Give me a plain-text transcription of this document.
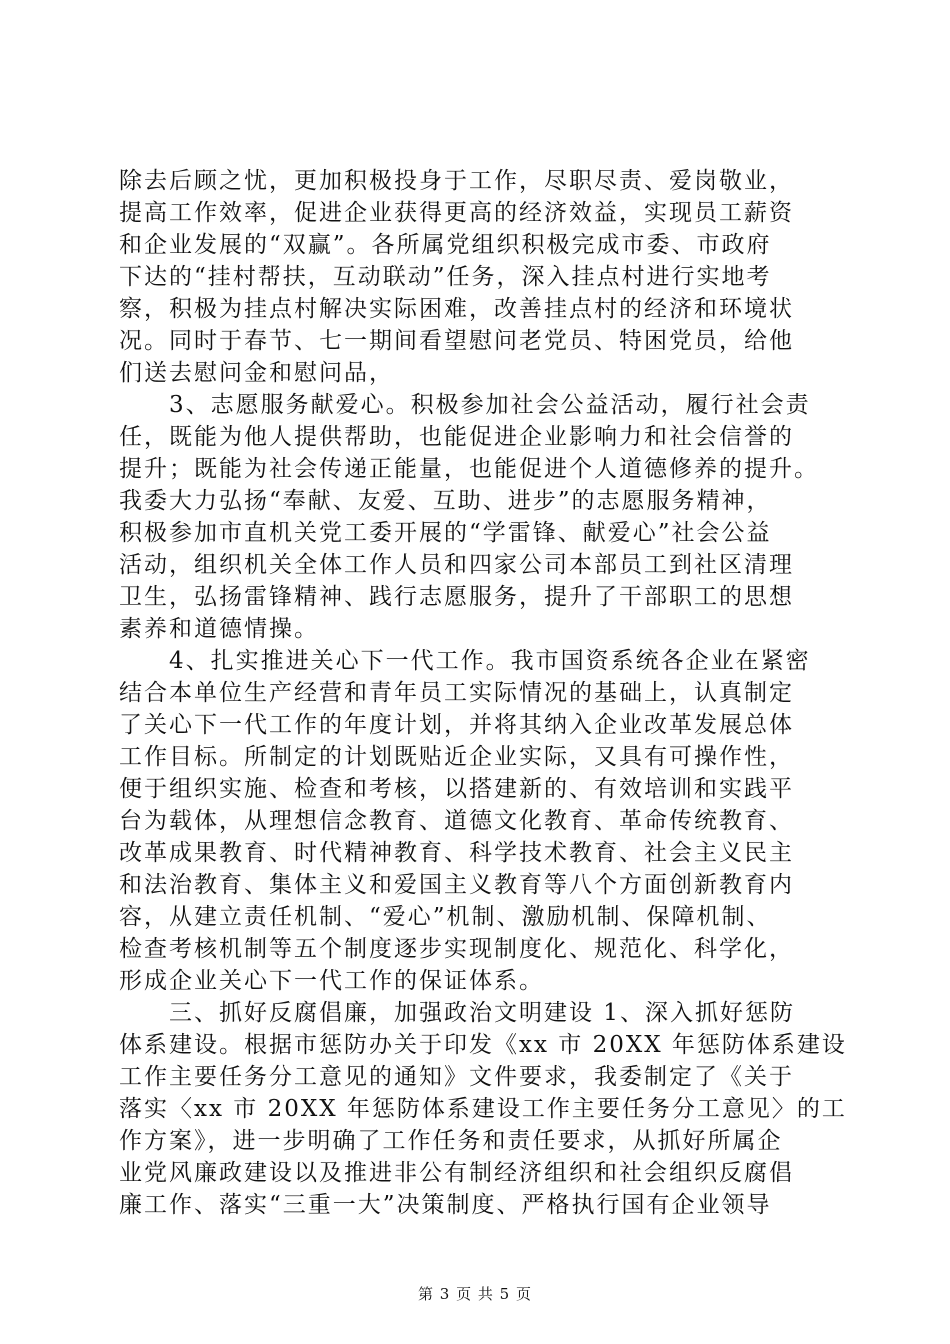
除去后顾之忧，更加积极投身于工作，尽职尽责、爱岗敬业，
提高工作效率，促进企业获得更高的经济效益，实现员工薪资
和企业发展的“双赢”。各所属党组织积极完成市委、市政府
下达的“挂村帮扶，互动联动”任务，深入挂点村进行实地考
察，积极为挂点村解决实际困难，改善挂点村的经济和环境状
况。同时于春节、七一期间看望慰问老党员、特困党员，给他
们送去慰问金和慰问品，
　　3、志愿服务献爱心。积极参加社会公益活动，履行社会责
任，既能为他人提供帮助，也能促进企业影响力和社会信誉的
提升；既能为社会传递正能量，也能促进个人道德修养的提升。
我委大力弘扬“奉献、友爱、互助、进步”的志愿服务精神，
积极参加市直机关党工委开展的“学雷锋、献爱心”社会公益
活动，组织机关全体工作人员和四家公司本部员工到社区清理
卫生，弘扬雷锋精神、践行志愿服务，提升了干部职工的思想
素养和道德情操。
　　4、扎实推进关心下一代工作。我市国资系统各企业在紧密
结合本单位生产经营和青年员工实际情况的基础上，认真制定
了关心下一代工作的年度计划，并将其纳入企业改革发展总体
工作目标。所制定的计划既贴近企业实际，又具有可操作性，
便于组织实施、检查和考核，以搭建新的、有效培训和实践平
台为载体，从理想信念教育、道德文化教育、革命传统教育、
改革成果教育、时代精神教育、科学技术教育、社会主义民主
和法治教育、集体主义和爱国主义教育等八个方面创新教育内
容，从建立责任机制、“爱心”机制、激励机制、保障机制、
检查考核机制等五个制度逐步实现制度化、规范化、科学化，
形成企业关心下一代工作的保证体系。
　　三、抓好反腐倡廉，加强政治文明建设 1、深入抓好惩防
体系建设。根据市惩防办关于印发《xx 市 20XX 年惩防体系建设
工作主要任务分工意见的通知》文件要求，我委制定了《关于
落实〈xx 市 20XX 年惩防体系建设工作主要任务分工意见〉的工
作方案》，进一步明确了工作任务和责任要求，从抓好所属企
业党风廉政建设以及推进非公有制经济组织和社会组织反腐倡
廉工作、落实“三重一大”决策制度、严格执行国有企业领导
第 3 页 共 5 页
